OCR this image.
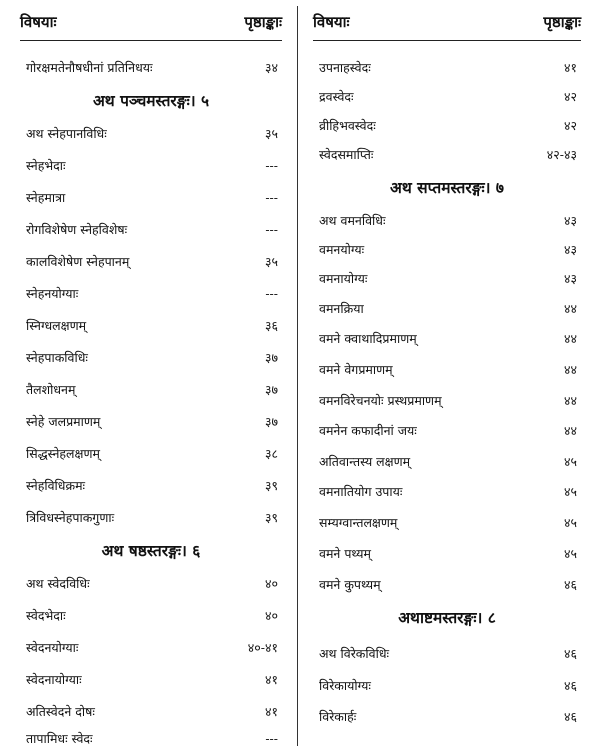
विषयाः	पृष्ठाङ्काः
गोरक्षमतेनौषधीनां प्रतिनिधयः	३४
अथ पञ्चमस्तरङ्गः। ५
अथ स्नेहपानविधिः	३५
स्नेहभेदाः	---
स्नेहमात्रा	---
रोगविशेषेण स्नेहविशेषः	---
कालविशेषेण स्नेहपानम्	३५
स्नेहनयोग्याः	---
स्निग्धलक्षणम्	३६
स्नेहपाकविधिः	३७
तैलशोधनम्	३७
स्नेहे जलप्रमाणम्	३७
सिद्धस्नेहलक्षणम्	३८
स्नेहविधिक्रमः	३९
त्रिविधस्नेहपाकगुणाः	३९
अथ षष्ठस्तरङ्गः। ६
अथ स्वेदविधिः	४०
स्वेदभेदाः	४०
स्वेदनयोग्याः	४०-४१
स्वेदनायोग्याः	४१
अतिस्वेदने दोषः	४१
तापामिधः स्वेदः	---
विषयाः	पृष्ठाङ्काः
उपनाहस्वेदः	४१
द्रवस्वेदः	४२
व्रीहिभवस्वेदः	४२
स्वेदसमाप्तिः	४२-४३
अथ सप्तमस्तरङ्गः। ७
अथ वमनविधिः	४३
वमनयोग्यः	४३
वमनायोग्यः	४३
वमनक्रिया	४४
वमने क्वाथादिप्रमाणम्	४४
वमने वेगप्रमाणम्	४४
वमनविरेचनयोः प्रस्थप्रमाणम्	४४
वमनेन कफादीनां जयः	४४
अतिवान्तस्य लक्षणम्	४५
वमनातियोग उपायः	४५
सम्यग्वान्तलक्षणम्	४५
वमने पथ्यम्	४५
वमने कुपथ्यम्	४६
अथाष्टमस्तरङ्गः। ८
अथ विरेकविधिः	४६
विरेकायोग्यः	४६
विरेकार्हः	४६
